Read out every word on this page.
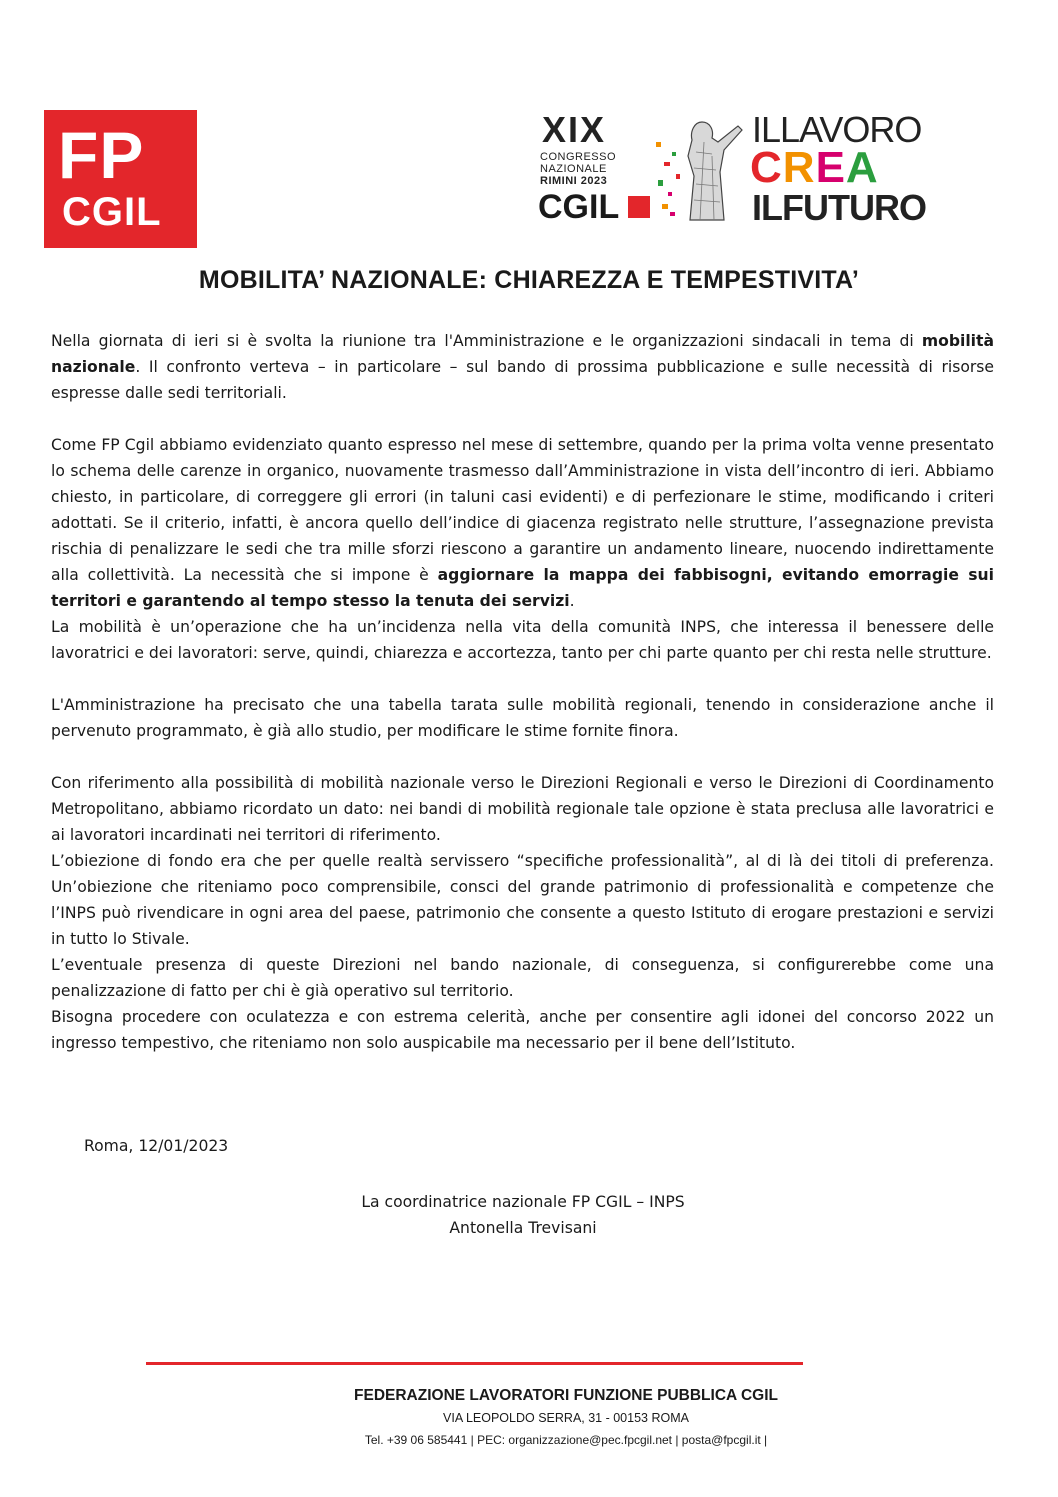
FP
CGIL
XIX
CONGRESSO
NAZIONALE
RIMINI 2023
CGIL
ILLAVORO
CREA
ILFUTURO
MOBILITA’ NAZIONALE: CHIAREZZA E TEMPESTIVITA’

Nella giornata di ieri si è svolta la riunione tra l'Amministrazione e le organizzazioni sindacali in tema di mobilità nazionale. Il confronto verteva – in particolare – sul bando di prossima pubblicazione e sulle necessità di risorse espresse dalle sedi territoriali.

Come FP Cgil abbiamo evidenziato quanto espresso nel mese di settembre, quando per la prima volta venne presentato lo schema delle carenze in organico, nuovamente trasmesso dall’Amministrazione in vista dell’incontro di ieri. Abbiamo chiesto, in particolare, di correggere gli errori (in taluni casi evidenti) e di perfezionare le stime, modificando i criteri adottati. Se il criterio, infatti, è ancora quello dell’indice di giacenza registrato nelle strutture, l’assegnazione prevista rischia di penalizzare le sedi che tra mille sforzi riescono a garantire un andamento lineare, nuocendo indirettamente alla collettività. La necessità che si impone è aggiornare la mappa dei fabbisogni, evitando emorragie sui territori e garantendo al tempo stesso la tenuta dei servizi.

La mobilità è un’operazione che ha un’incidenza nella vita della comunità INPS, che interessa il benessere delle lavoratrici e dei lavoratori: serve, quindi, chiarezza e accortezza, tanto per chi parte quanto per chi resta nelle strutture.

L'Amministrazione ha precisato che una tabella tarata sulle mobilità regionali, tenendo in considerazione anche il pervenuto programmato, è già allo studio, per modificare le stime fornite finora.

Con riferimento alla possibilità di mobilità nazionale verso le Direzioni Regionali e verso le Direzioni di Coordinamento Metropolitano, abbiamo ricordato un dato: nei bandi di mobilità regionale tale opzione è stata preclusa alle lavoratrici e ai lavoratori incardinati nei territori di riferimento.

L’obiezione di fondo era che per quelle realtà servissero “specifiche professionalità”, al di là dei titoli di preferenza. Un’obiezione che riteniamo poco comprensibile, consci del grande patrimonio di professionalità e competenze che l’INPS può rivendicare in ogni area del paese, patrimonio che consente a questo Istituto di erogare prestazioni e servizi in tutto lo Stivale.

L’eventuale presenza di queste Direzioni nel bando nazionale, di conseguenza, si configurerebbe come una penalizzazione di fatto per chi è già operativo sul territorio.

Bisogna procedere con oculatezza e con estrema celerità, anche per consentire agli idonei del concorso 2022 un ingresso tempestivo, che riteniamo non solo auspicabile ma necessario per il bene dell’Istituto.

Roma, 12/01/2023
La coordinatrice nazionale FP CGIL – INPS
Antonella Trevisani
FEDERAZIONE LAVORATORI FUNZIONE PUBBLICA CGIL
VIA LEOPOLDO SERRA, 31 - 00153 ROMA
Tel. +39 06 585441 | PEC: organizzazione@pec.fpcgil.net | posta@fpcgil.it |
